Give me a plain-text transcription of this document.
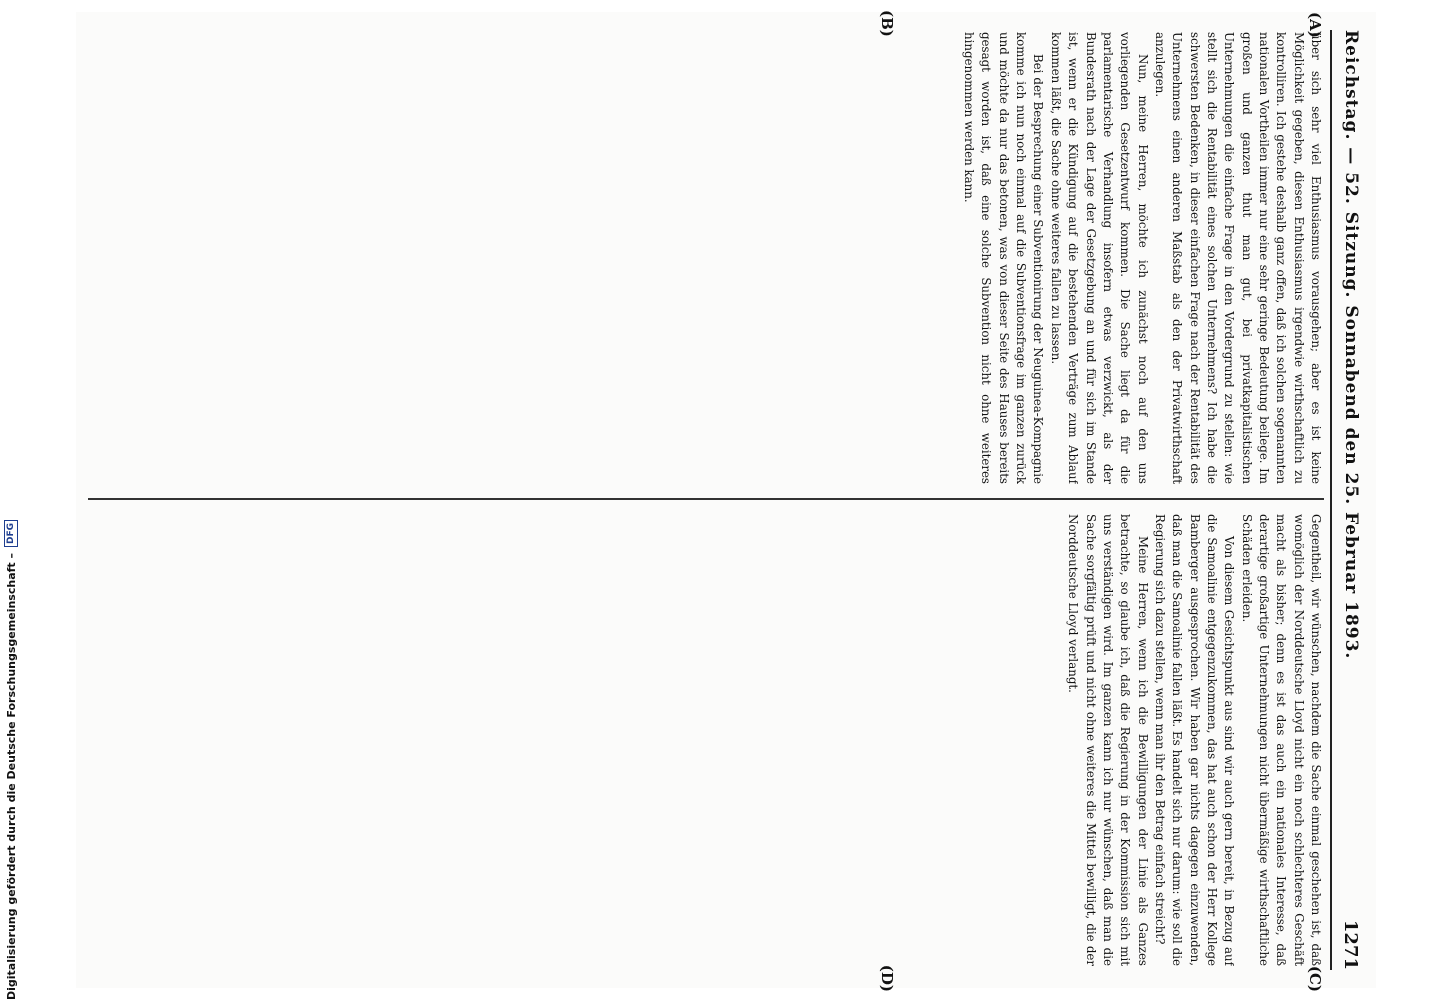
Reichstag. — 52. Sitzung. Sonnabend den 25. Februar 1893.
1271
(A)
(B)
(C)
(D)

über sich sehr viel Enthusiasmus vorausgehen; aber es ist keine Möglichkeit gegeben, diesen Enthusiasmus irgendwie wirthschaftlich zu kontrolliren. Ich gestehe deshalb ganz offen, daß ich solchen sogenannten nationalen Vortheilen immer nur eine sehr geringe Bedeutung beilege. Im großen und ganzen thut man gut, bei privatkapitalistischen Unternehmungen die einfache Frage in den Vordergrund zu stellen: wie stellt sich die Rentabilität eines solchen Unternehmens? Ich habe die schwersten Bedenken, in dieser einfachen Frage nach der Rentabilität des Unternehmens einen anderen Maßstab als den der Privatwirthschaft anzulegen.

Nun, meine Herren, möchte ich zunächst noch auf den uns vorliegenden Gesetzentwurf kommen. Die Sache liegt da für die parlamentarische Verhandlung insofern etwas verzwickt, als der Bundesrath nach der Lage der Gesetzgebung an und für sich im Stande ist, wenn er die Kündigung auf die bestehenden Verträge zum Ablauf kommen läßt, die Sache ohne weiteres fallen zu lassen.

Bei der Besprechung einer Subventionirung der Neuguinea-Kompagnie komme ich nun noch einmal auf die Subventionsfrage im ganzen zurück und möchte da nur das betonen, was von dieser Seite des Hauses bereits gesagt worden ist, daß eine solche Subvention nicht ohne weiteres hingenommen werden kann.

Gegentheil, wir wünschen, nachdem die Sache einmal geschehen ist, daß womöglich der Norddeutsche Lloyd nicht ein noch schlechteres Geschäft macht als bisher; denn es ist das auch ein nationales Interesse, daß derartige großartige Unternehmungen nicht übermäßige wirthschaftliche Schäden erleiden.

Von diesem Gesichtspunkt aus sind wir auch gern bereit, in Bezug auf die Samoalinie entgegenzukommen, das hat auch schon der Herr Kollege Bamberger ausgesprochen. Wir haben gar nichts dagegen einzuwenden, daß man die Samoalinie fallen läßt. Es handelt sich nur darum: wie soll die Regierung sich dazu stellen, wenn man ihr den Betrag einfach streicht?

Meine Herren, wenn ich die Bewilligungen der Linie als Ganzes betrachte, so glaube ich, daß die Regierung in der Kommission sich mit uns verständigen wird. Im ganzen kann ich nur wünschen, daß man die Sache sorgfältig prüft und nicht ohne weiteres die Mittel bewilligt, die der Norddeutsche Lloyd verlangt.

Digitalisierung gefördert durch die Deutsche Forschungsgemeinschaft –
DFG
